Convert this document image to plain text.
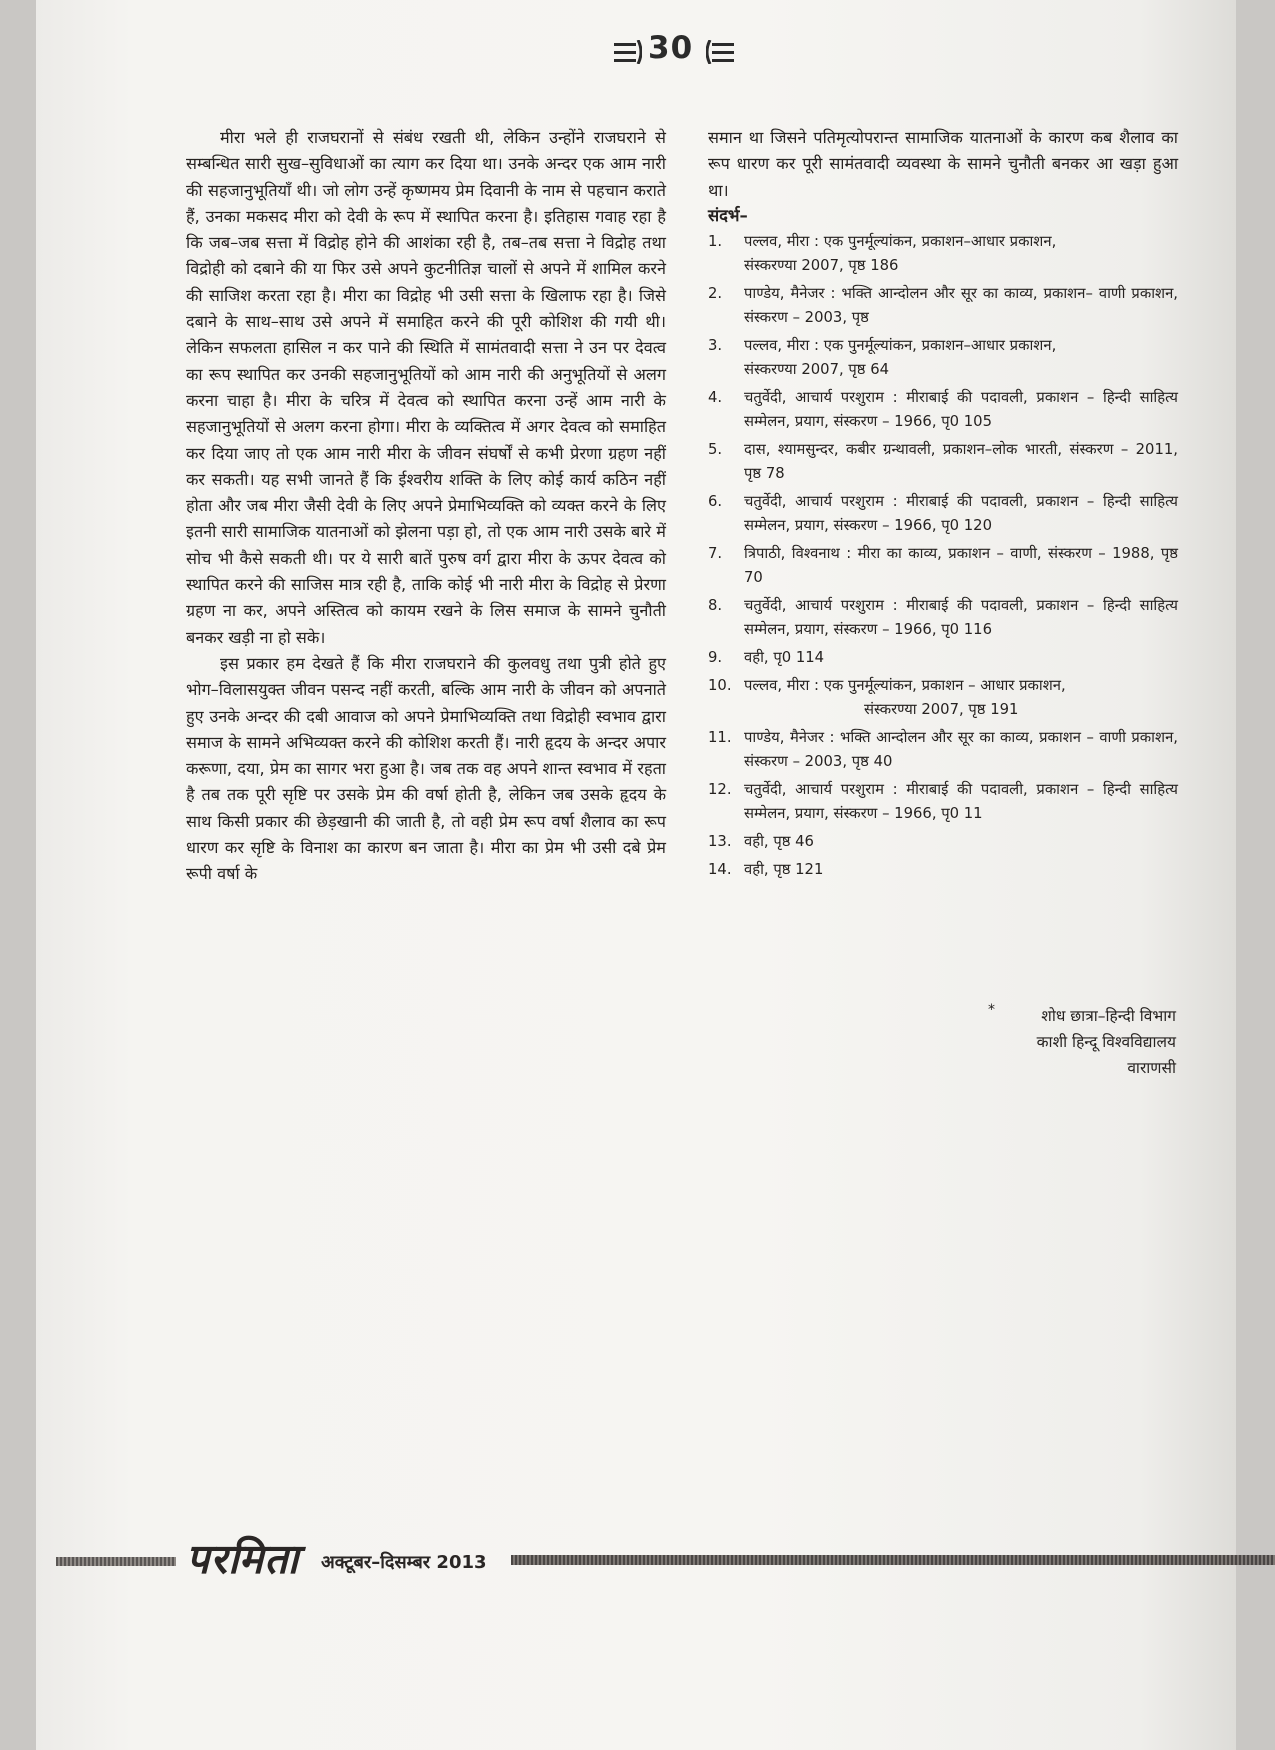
30

मीरा भले ही राजघरानों से संबंध रखती थी, लेकिन उन्होंने राजघराने से सम्बन्धित सारी सुख–सुविधाओं का त्याग कर दिया था। उनके अन्दर एक आम नारी की सहजानुभूतियाँ थी। जो लोग उन्हें कृष्णमय प्रेम दिवानी के नाम से पहचान कराते हैं, उनका मकसद मीरा को देवी के रूप में स्थापित करना है। इतिहास गवाह रहा है कि जब–जब सत्ता में विद्रोह होने की आशंका रही है, तब–तब सत्ता ने विद्रोह तथा विद्रोही को दबाने की या फिर उसे अपने कुटनीतिज्ञ चालों से अपने में शामिल करने की साजिश करता रहा है। मीरा का विद्रोह भी उसी सत्ता के खिलाफ रहा है। जिसे दबाने के साथ–साथ उसे अपने में समाहित करने की पूरी कोशिश की गयी थी। लेकिन सफलता हासिल न कर पाने की स्थिति में सामंतवादी सत्ता ने उन पर देवत्व का रूप स्थापित कर उनकी सहजानुभूतियों को आम नारी की अनुभूतियों से अलग करना चाहा है। मीरा के चरित्र में देवत्व को स्थापित करना उन्हें आम नारी के सहजानुभूतियों से अलग करना होगा। मीरा के व्यक्तित्व में अगर देवत्व को समाहित कर दिया जाए तो एक आम नारी मीरा के जीवन संघर्षों से कभी प्रेरणा ग्रहण नहीं कर सकती। यह सभी जानते हैं कि ईश्वरीय शक्ति के लिए कोई कार्य कठिन नहीं होता और जब मीरा जैसी देवी के लिए अपने प्रेमाभिव्यक्ति को व्यक्त करने के लिए इतनी सारी सामाजिक यातनाओं को झेलना पड़ा हो, तो एक आम नारी उसके बारे में सोच भी कैसे सकती थी। पर ये सारी बातें पुरुष वर्ग द्वारा मीरा के ऊपर देवत्व को स्थापित करने की साजिस मात्र रही है, ताकि कोई भी नारी मीरा के विद्रोह से प्रेरणा ग्रहण ना कर, अपने अस्तित्व को कायम रखने के लिस समाज के सामने चुनौती बनकर खड़ी ना हो सके।

इस प्रकार हम देखते हैं कि मीरा राजघराने की कुलवधु तथा पुत्री होते हुए भोग–विलासयुक्त जीवन पसन्द नहीं करती, बल्कि आम नारी के जीवन को अपनाते हुए उनके अन्दर की दबी आवाज को अपने प्रेमाभिव्यक्ति तथा विद्रोही स्वभाव द्वारा समाज के सामने अभिव्यक्त करने की कोशिश करती हैं। नारी हृदय के अन्दर अपार करूणा, दया, प्रेम का सागर भरा हुआ है। जब तक वह अपने शान्त स्वभाव में रहता है तब तक पूरी सृष्टि पर उसके प्रेम की वर्षा होती है, लेकिन जब उसके हृदय के साथ किसी प्रकार की छेड़खानी की जाती है, तो वही प्रेम रूप वर्षा शैलाव का रूप धारण कर सृष्टि के विनाश का कारण बन जाता है। मीरा का प्रेम भी उसी दबे प्रेम रूपी वर्षा के

समान था जिसने पतिमृत्योपरान्त सामाजिक यातनाओं के कारण कब शैलाव का रूप धारण कर पूरी सामंतवादी व्यवस्था के सामने चुनौती बनकर आ खड़ा हुआ था।

संदर्भ–

1.	पल्लव, मीरा : एक पुनर्मूल्यांकन, प्रकाशन–आधार प्रकाशन,
संस्करण्या 2007, पृष्ठ 186
2.	पाण्डेय, मैनेजर : भक्ति आन्दोलन और सूर का काव्य, प्रकाशन– वाणी प्रकाशन, संस्करण – 2003, पृष्ठ
3.	पल्लव, मीरा : एक पुनर्मूल्यांकन, प्रकाशन–आधार प्रकाशन,
संस्करण्या 2007, पृष्ठ 64
4.	चतुर्वेदी, आचार्य परशुराम : मीराबाई की पदावली, प्रकाशन – हिन्दी साहित्य सम्मेलन, प्रयाग, संस्करण – 1966, पृ0 105
5.	दास, श्यामसुन्दर, कबीर ग्रन्थावली, प्रकाशन–लोक भारती, संस्करण – 2011, पृष्ठ 78
6.	चतुर्वेदी, आचार्य परशुराम : मीराबाई की पदावली, प्रकाशन – हिन्दी साहित्य सम्मेलन, प्रयाग, संस्करण – 1966, पृ0 120
7.	त्रिपाठी, विश्वनाथ : मीरा का काव्य, प्रकाशन – वाणी, संस्करण – 1988, पृष्ठ 70
8.	चतुर्वेदी, आचार्य परशुराम : मीराबाई की पदावली, प्रकाशन – हिन्दी साहित्य सम्मेलन, प्रयाग, संस्करण – 1966, पृ0 116
9.	वही, पृ0 114
10. पल्लव, मीरा : एक पुनर्मूल्यांकन, प्रकाशन – आधार प्रकाशन,
संस्करण्या 2007, पृष्ठ 191
11. पाण्डेय, मैनेजर : भक्ति आन्दोलन और सूर का काव्य, प्रकाशन – वाणी प्रकाशन, संस्करण – 2003, पृष्ठ 40
12. चतुर्वेदी, आचार्य परशुराम : मीराबाई की पदावली, प्रकाशन – हिन्दी साहित्य सम्मेलन, प्रयाग, संस्करण – 1966, पृ0 11
13. वही, पृष्ठ 46
14. वही, पृष्ठ 121
*	शोध छात्रा–हिन्दी विभाग
काशी हिन्दू विश्वविद्यालय
वाराणसी
परमिता अक्टूबर–दिसम्बर 2013
